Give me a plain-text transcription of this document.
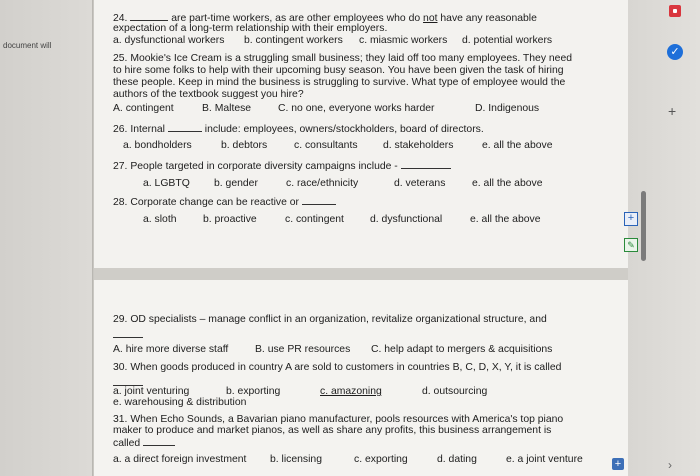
document will
24.	are part-time workers, as are other employees who do not have any reasonable
expectation of a long-term relationship with their employers.
a. dysfunctional workers b. contingent workers c. miasmic workers d. potential workers
25. Mookie's Ice Cream is a struggling small business; they laid off too many employees. They need
to hire some folks to help with their upcoming busy season. You have been given the task of hiring
these people. Keep in mind the business is struggling to survive. What type of employee would the
authors of the textbook suggest you hire?
A. contingent	B. Maltese	C. no one, everyone works harder	D. Indigenous
26. Internal	include: employees, owners/stockholders, board of directors.
a. bondholders	b. debtors	c. consultants d. stakeholders	e. all the above
27. People targeted in corporate diversity campaigns include -
a. LGBTQ b. gender	c. race/ethnicity	d. veterans	e. all the above
28. Corporate change can be reactive or
a. sloth	b. proactive	c. contingent	d. dysfunctional	e. all the above
29. OD specialists – manage conflict in an organization, revitalize organizational structure, and
A. hire more diverse staff	B. use PR resources C. help adapt to mergers & acquisitions
30. When goods produced in country A are sold to customers in countries B, C, D, X, Y, it is called
a. joint venturing	b. exporting	c. amazoning	d. outsourcing
e. warehousing & distribution
31. When Echo Sounds, a Bavarian piano manufacturer, pools resources with America's top piano
maker to produce and market pianos, as well as share any profits, this business arrangement is
called
a. a direct foreign investment b. licensing	c. exporting	d. dating	e. a joint venture
✓
+
+
✎
+	›
